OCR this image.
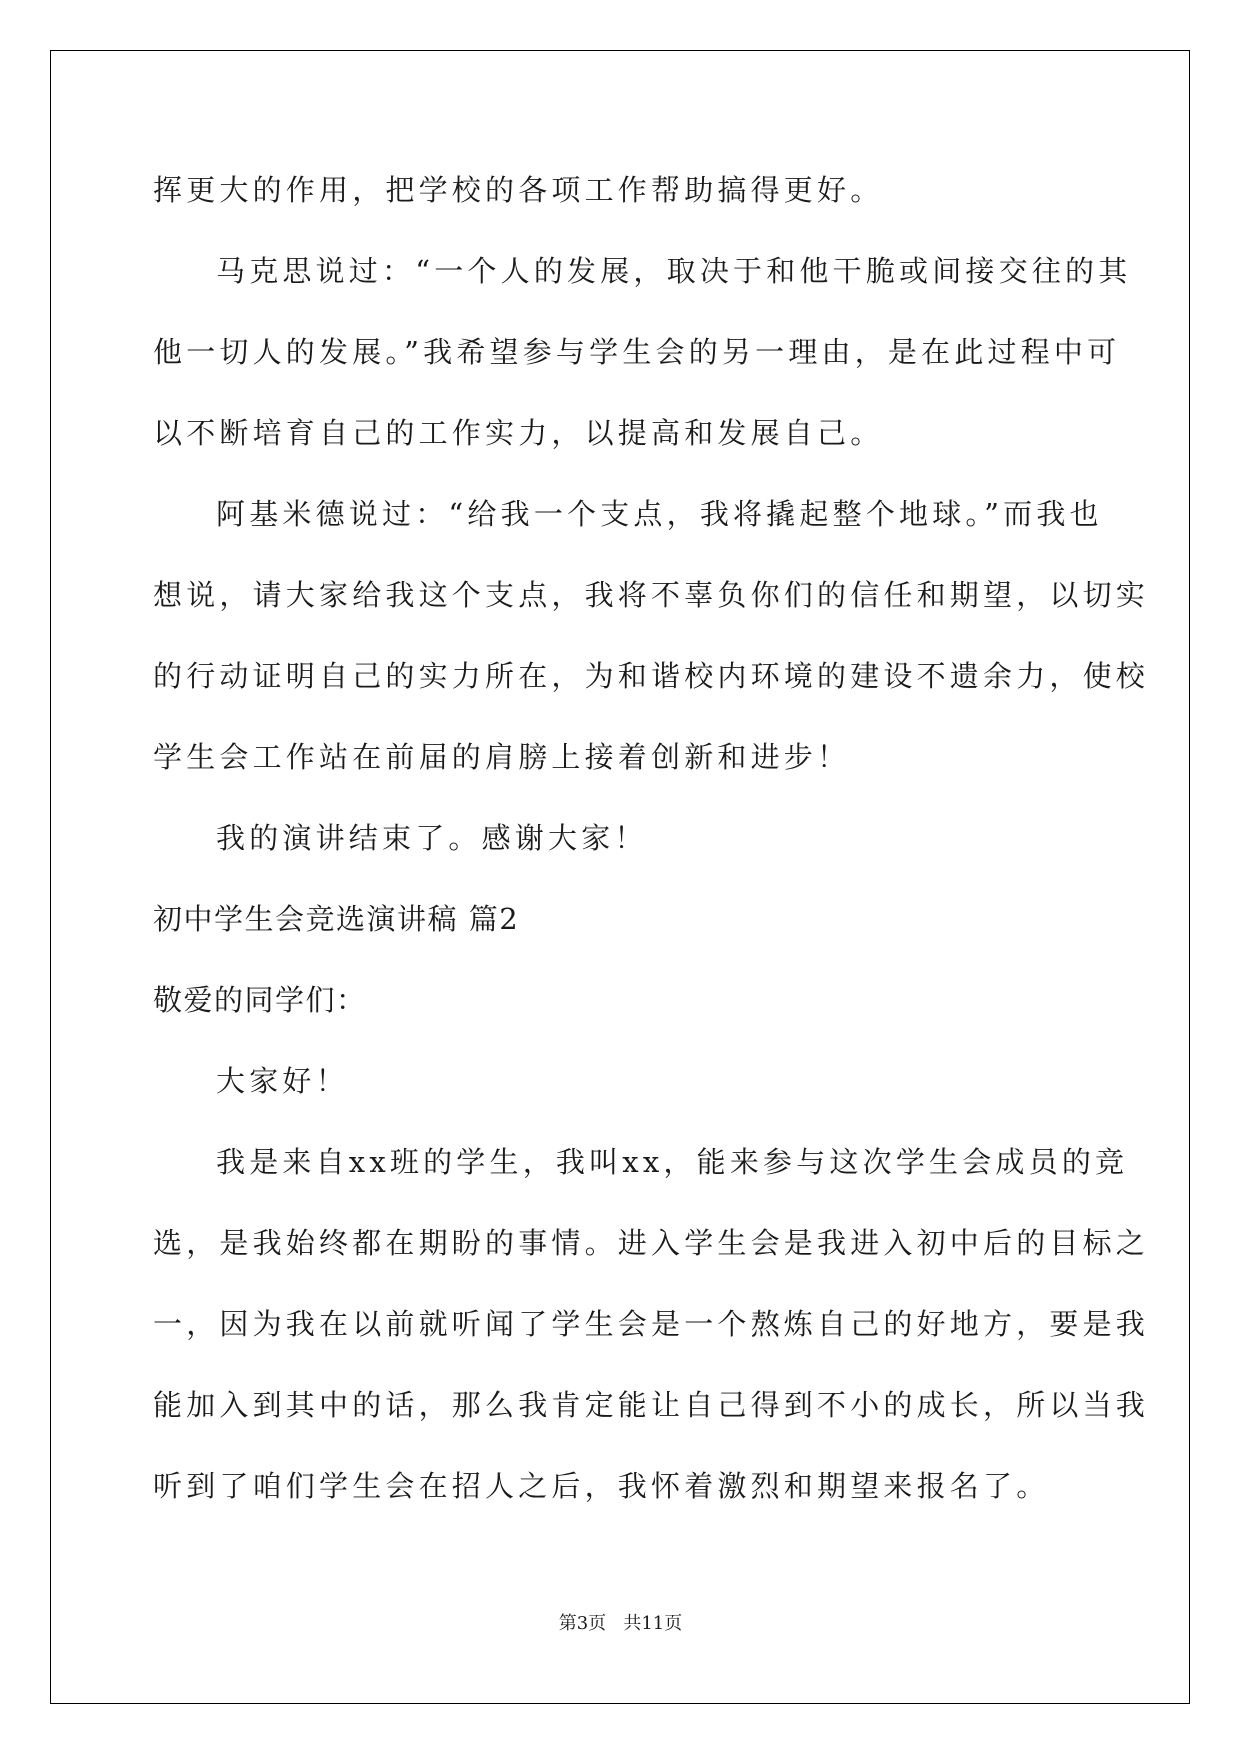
挥更大的作用，把学校的各项工作帮助搞得更好。

马克思说过：“一个人的发展，取决于和他干脆或间接交往的其

他一切人的发展。”我希望参与学生会的另一理由，是在此过程中可

以不断培育自己的工作实力，以提高和发展自己。

阿基米德说过：“给我一个支点，我将撬起整个地球。”而我也

想说，请大家给我这个支点，我将不辜负你们的信任和期望，以切实

的行动证明自己的实力所在，为和谐校内环境的建设不遗余力，使校

学生会工作站在前届的肩膀上接着创新和进步！

我的演讲结束了。感谢大家！

初中学生会竞选演讲稿 篇2

敬爱的同学们：

大家好！

我是来自xx班的学生，我叫xx，能来参与这次学生会成员的竞

选，是我始终都在期盼的事情。进入学生会是我进入初中后的目标之

一，因为我在以前就听闻了学生会是一个熬炼自己的好地方，要是我

能加入到其中的话，那么我肯定能让自己得到不小的成长，所以当我

听到了咱们学生会在招人之后，我怀着激烈和期望来报名了。

第3页   共11页
